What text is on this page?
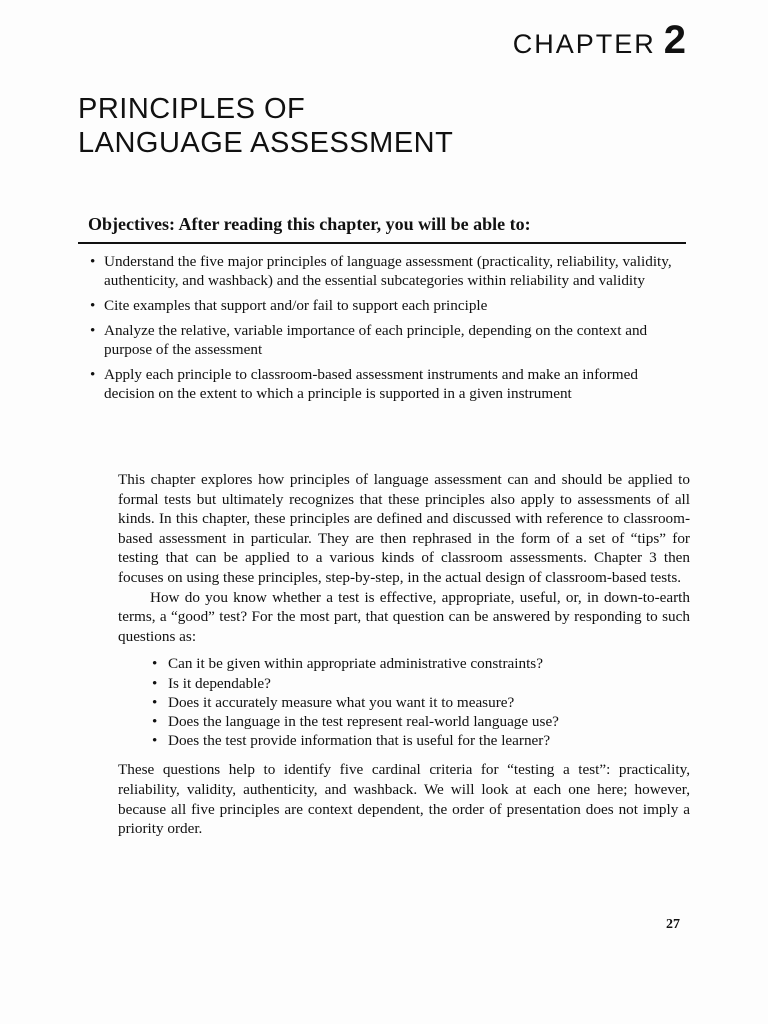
CHAPTER 2
PRINCIPLES OF
LANGUAGE ASSESSMENT

Objectives: After reading this chapter, you will be able to:

• Understand the five major principles of language assessment (practicality, reliability, validity, authenticity, and washback) and the essential subcategories within reliability and validity
• Cite examples that support and/or fail to support each principle
• Analyze the relative, variable importance of each principle, depending on the context and purpose of the assessment
• Apply each principle to classroom-based assessment instruments and make an informed decision on the extent to which a principle is supported in a given instrument

This chapter explores how principles of language assessment can and should be applied to formal tests but ultimately recognizes that these principles also apply to assessments of all kinds. In this chapter, these principles are defined and discussed with reference to classroom-based assessment in particular. They are then rephrased in the form of a set of “tips” for testing that can be applied to a various kinds of classroom assessments. Chapter 3 then focuses on using these principles, step-by-step, in the actual design of classroom-based tests.

How do you know whether a test is effective, appropriate, useful, or, in down-to-earth terms, a “good” test? For the most part, that question can be answered by responding to such questions as:

• Can it be given within appropriate administrative constraints?
• Is it dependable?
• Does it accurately measure what you want it to measure?
• Does the language in the test represent real-world language use?
• Does the test provide information that is useful for the learner?

These questions help to identify five cardinal criteria for “testing a test”: practicality, reliability, validity, authenticity, and washback. We will look at each one here; however, because all five principles are context dependent, the order of presentation does not imply a priority order.

27
